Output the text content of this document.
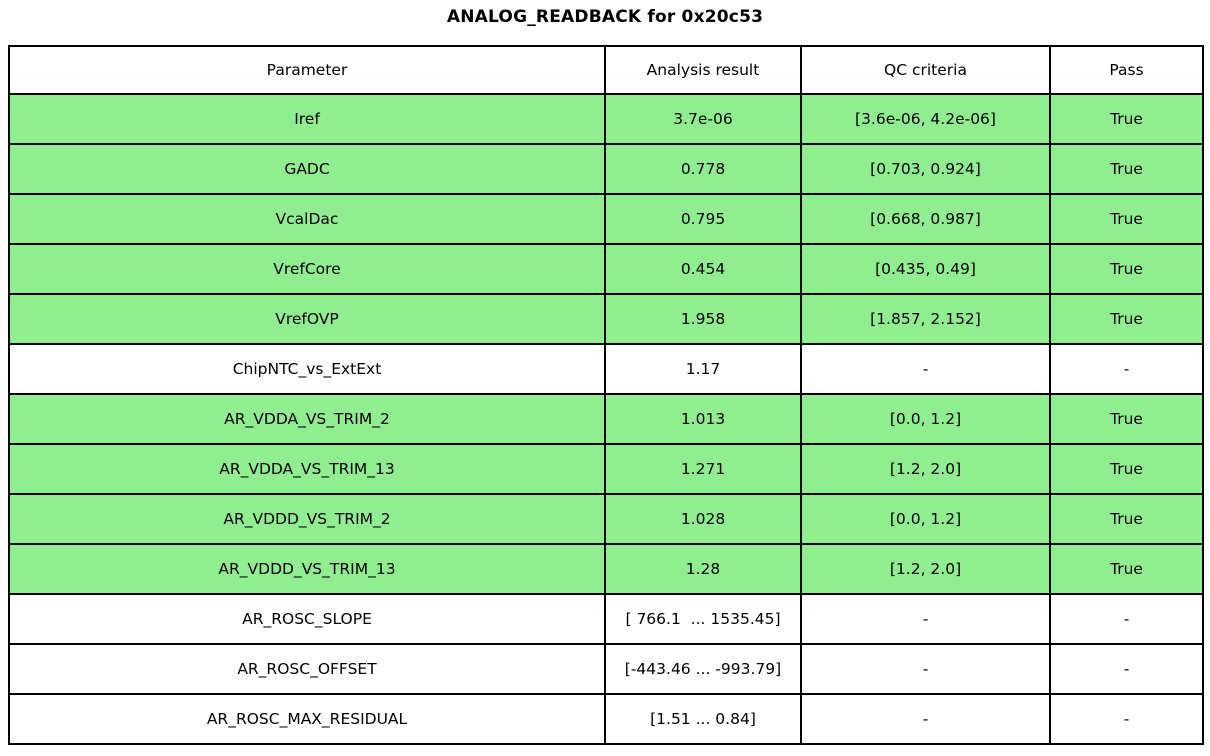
ANALOG_READBACK for 0x20c53
Parameter	Analysis result	QC criteria	Pass

Iref	3.7e-06	[3.6e-06, 4.2e-06]	True

GADC	0.778	[0.703, 0.924]	True

VcalDac	0.795	[0.668, 0.987]	True

VrefCore	0.454	[0.435, 0.49]	True

VrefOVP	1.958	[1.857, 2.152]	True

ChipNTC_vs_ExtExt	1.17	-	-

AR_VDDA_VS_TRIM_2	1.013	[0.0, 1.2]	True

AR_VDDA_VS_TRIM_13	1.271	[1.2, 2.0]	True

AR_VDDD_VS_TRIM_2	1.028	[0.0, 1.2]	True

AR_VDDD_VS_TRIM_13	1.28	[1.2, 2.0]	True

AR_ROSC_SLOPE	[ 766.1  ... 1535.45]	-	-

AR_ROSC_OFFSET	[-443.46 ... -993.79]	-	-

AR_ROSC_MAX_RESIDUAL	[1.51 ... 0.84]	-	-
